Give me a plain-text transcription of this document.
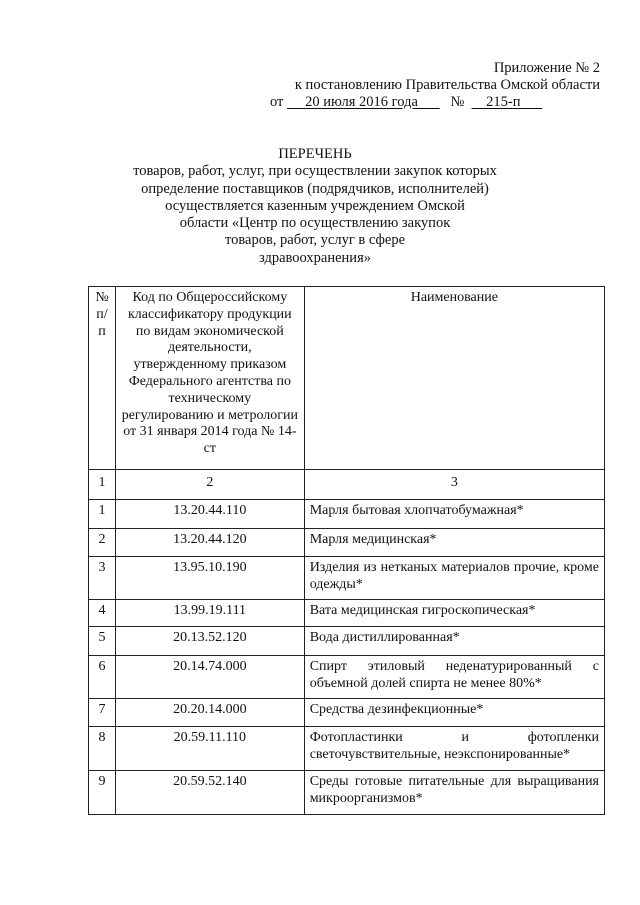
Приложение № 2
к постановлению Правительства Омской области
от 20 июля 2016 года № 215-п
ПЕРЕЧЕНЬ
товаров, работ, услуг, при осуществлении закупок которых
определение поставщиков (подрядчиков, исполнителей)
осуществляется казенным учреждением Омской
области «Центр по осуществлению закупок
товаров, работ, услуг в сфере
здравоохранения»
№ п/п	Код по Общероссийскому классификатору продукции по видам экономической деятельности, утвержденному приказом Федерального агентства по техническому регулированию и метрологии от 31 января 2014 года № 14-ст	Наименование
1	2	3
1	13.20.44.110	Марля бытовая хлопчатобумажная*
2	13.20.44.120	Марля медицинская*
3	13.95.10.190	Изделия из нетканых материалов прочие, кроме одежды*
4	13.99.19.111	Вата медицинская гигроскопическая*
5	20.13.52.120	Вода дистиллированная*
6	20.14.74.000	Спирт этиловый неденатурированный с объемной долей спирта не менее 80%*
7	20.20.14.000	Средства дезинфекционные*
8	20.59.11.110	Фотопластинки и фотопленки светочувствительные, неэкспонированные*
9	20.59.52.140	Среды готовые питательные для выращивания микроорганизмов*
